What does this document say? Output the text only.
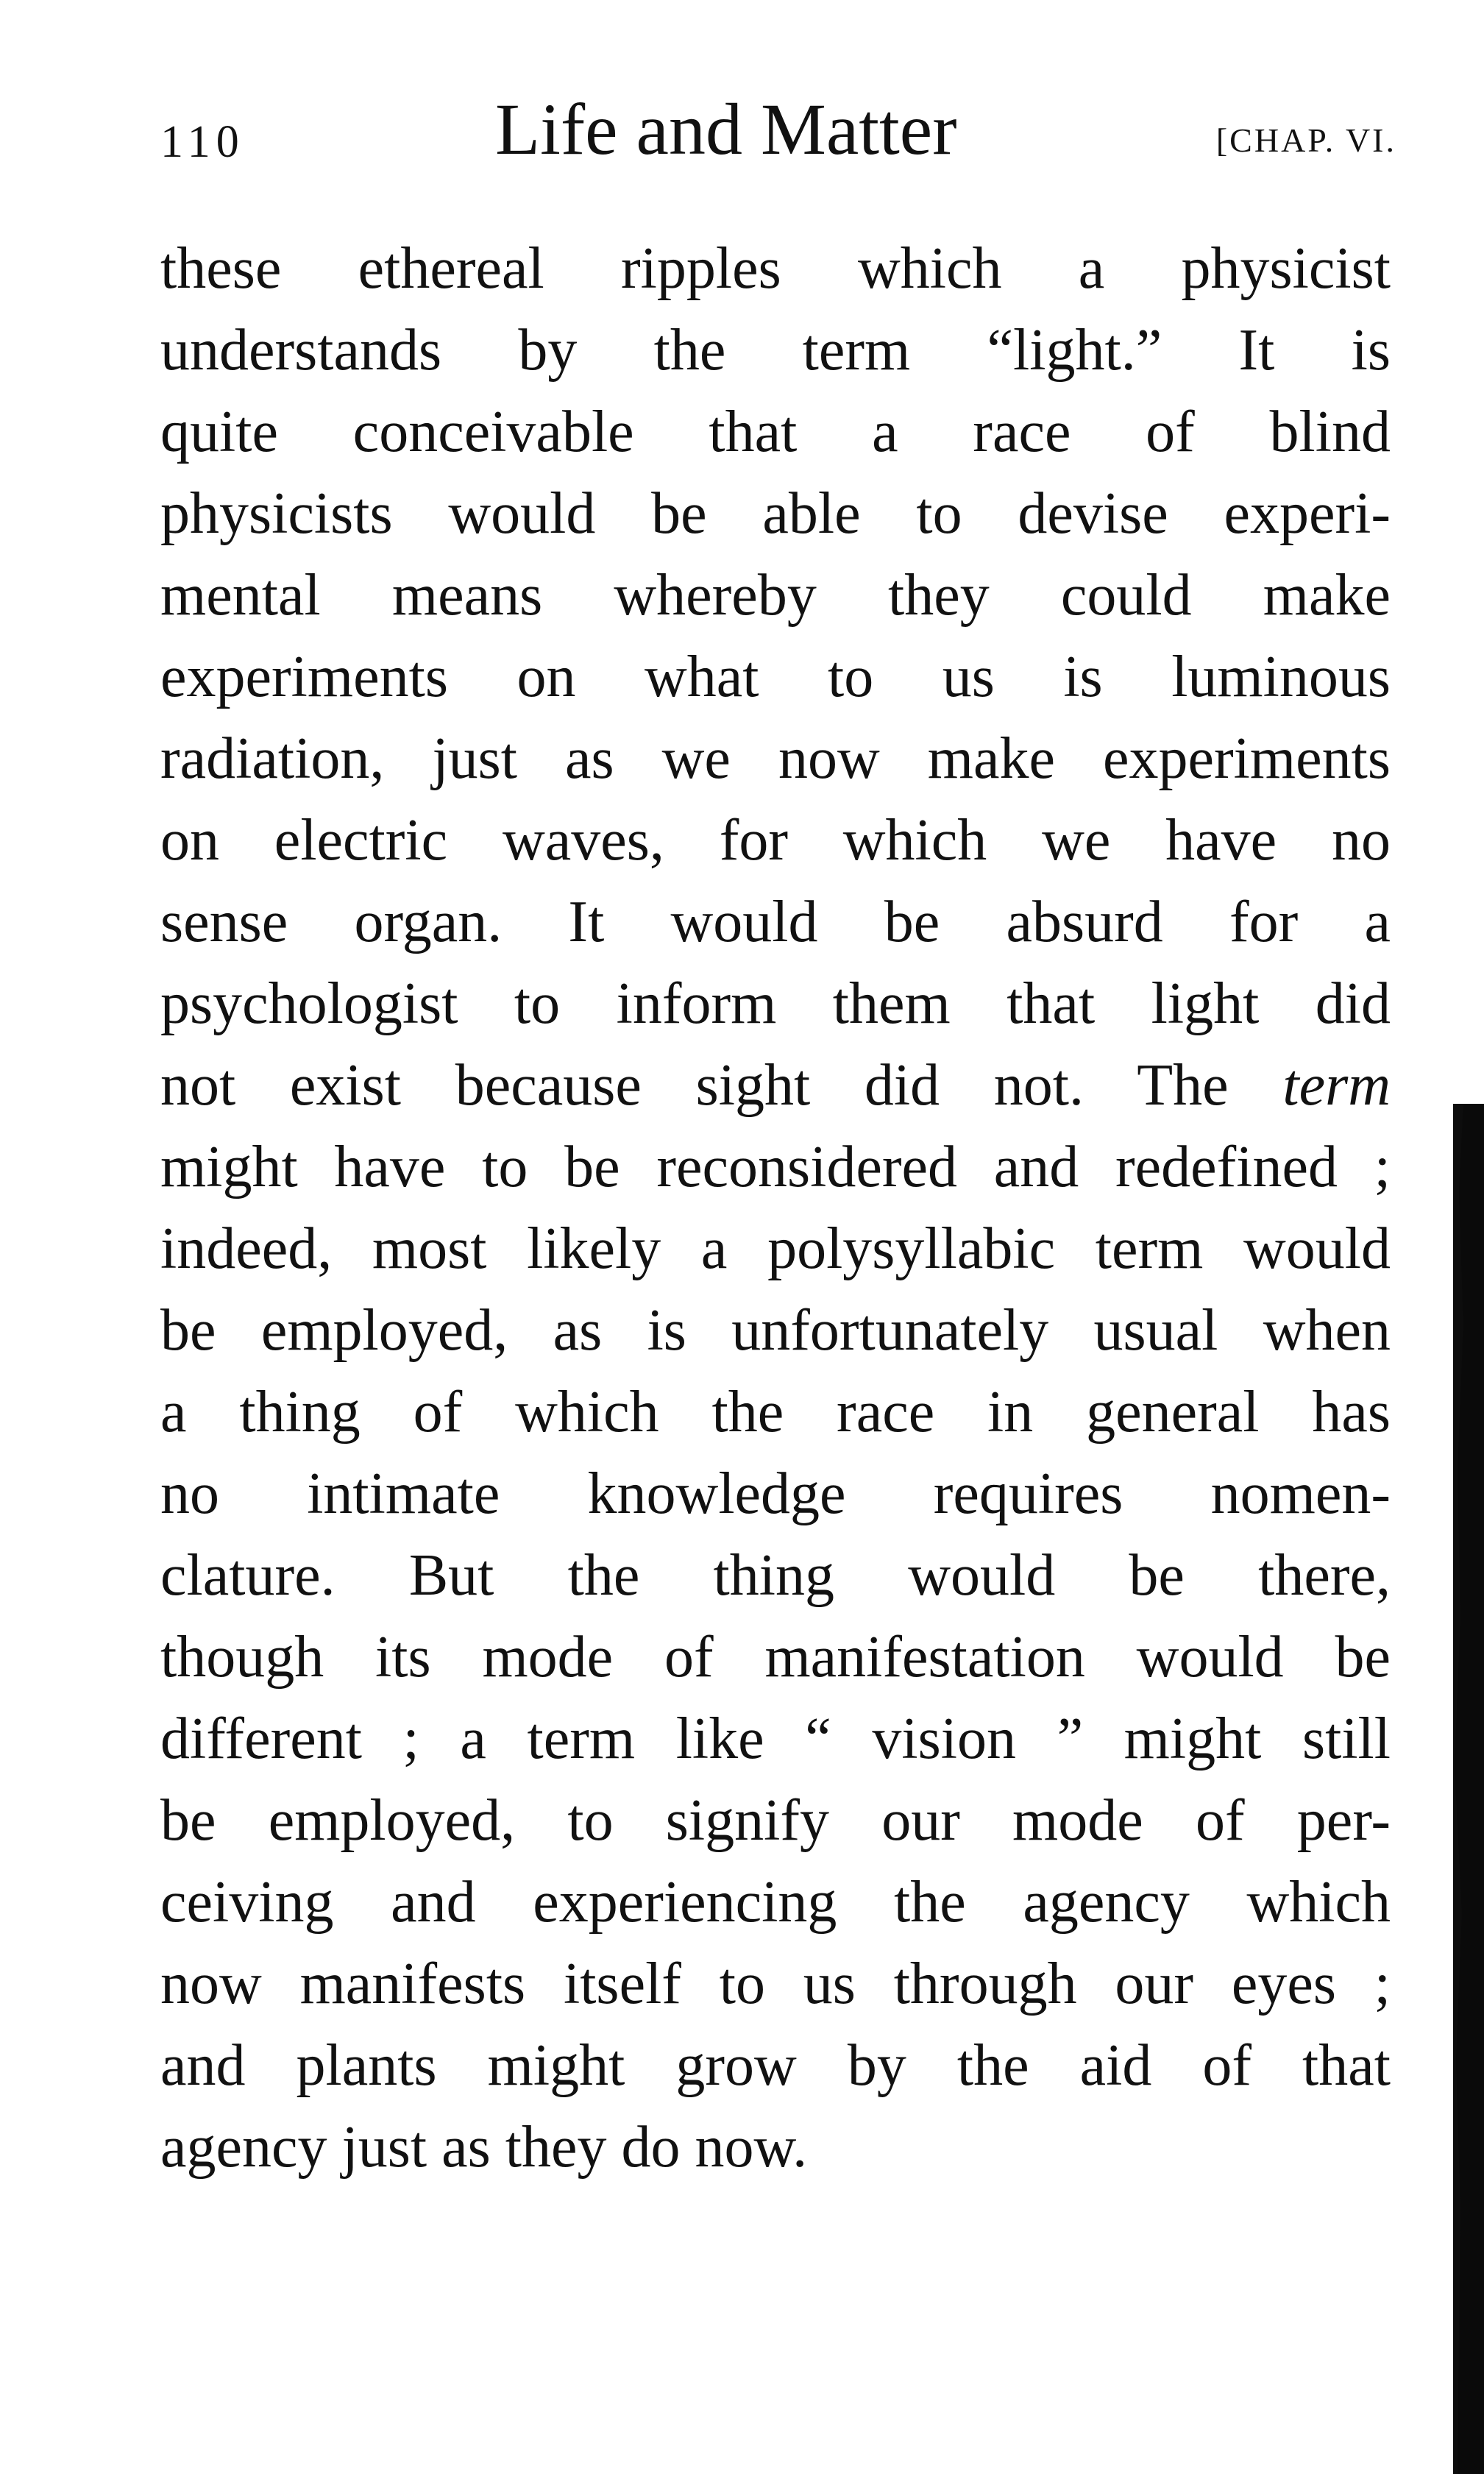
110	Life and Matter	[CHAP. VI.
these ethereal ripples which a physicist
understands by the term “light.” It is
quite conceivable that a race of blind
physicists would be able to devise experi-
mental means whereby they could make
experiments on what to us is luminous
radiation, just as we now make experiments
on electric waves, for which we have no
sense organ. It would be absurd for a
psychologist to inform them that light did
not exist because sight did not. The term
might have to be reconsidered and redefined ;
indeed, most likely a polysyllabic term would
be employed, as is unfortunately usual when
a thing of which the race in general has
no intimate knowledge requires nomen-
clature. But the thing would be there,
though its mode of manifestation would be
different ; a term like “ vision ” might still
be employed, to signify our mode of per-
ceiving and experiencing the agency which
now manifests itself to us through our eyes ;
and plants might grow by the aid of that
agency just as they do now.
